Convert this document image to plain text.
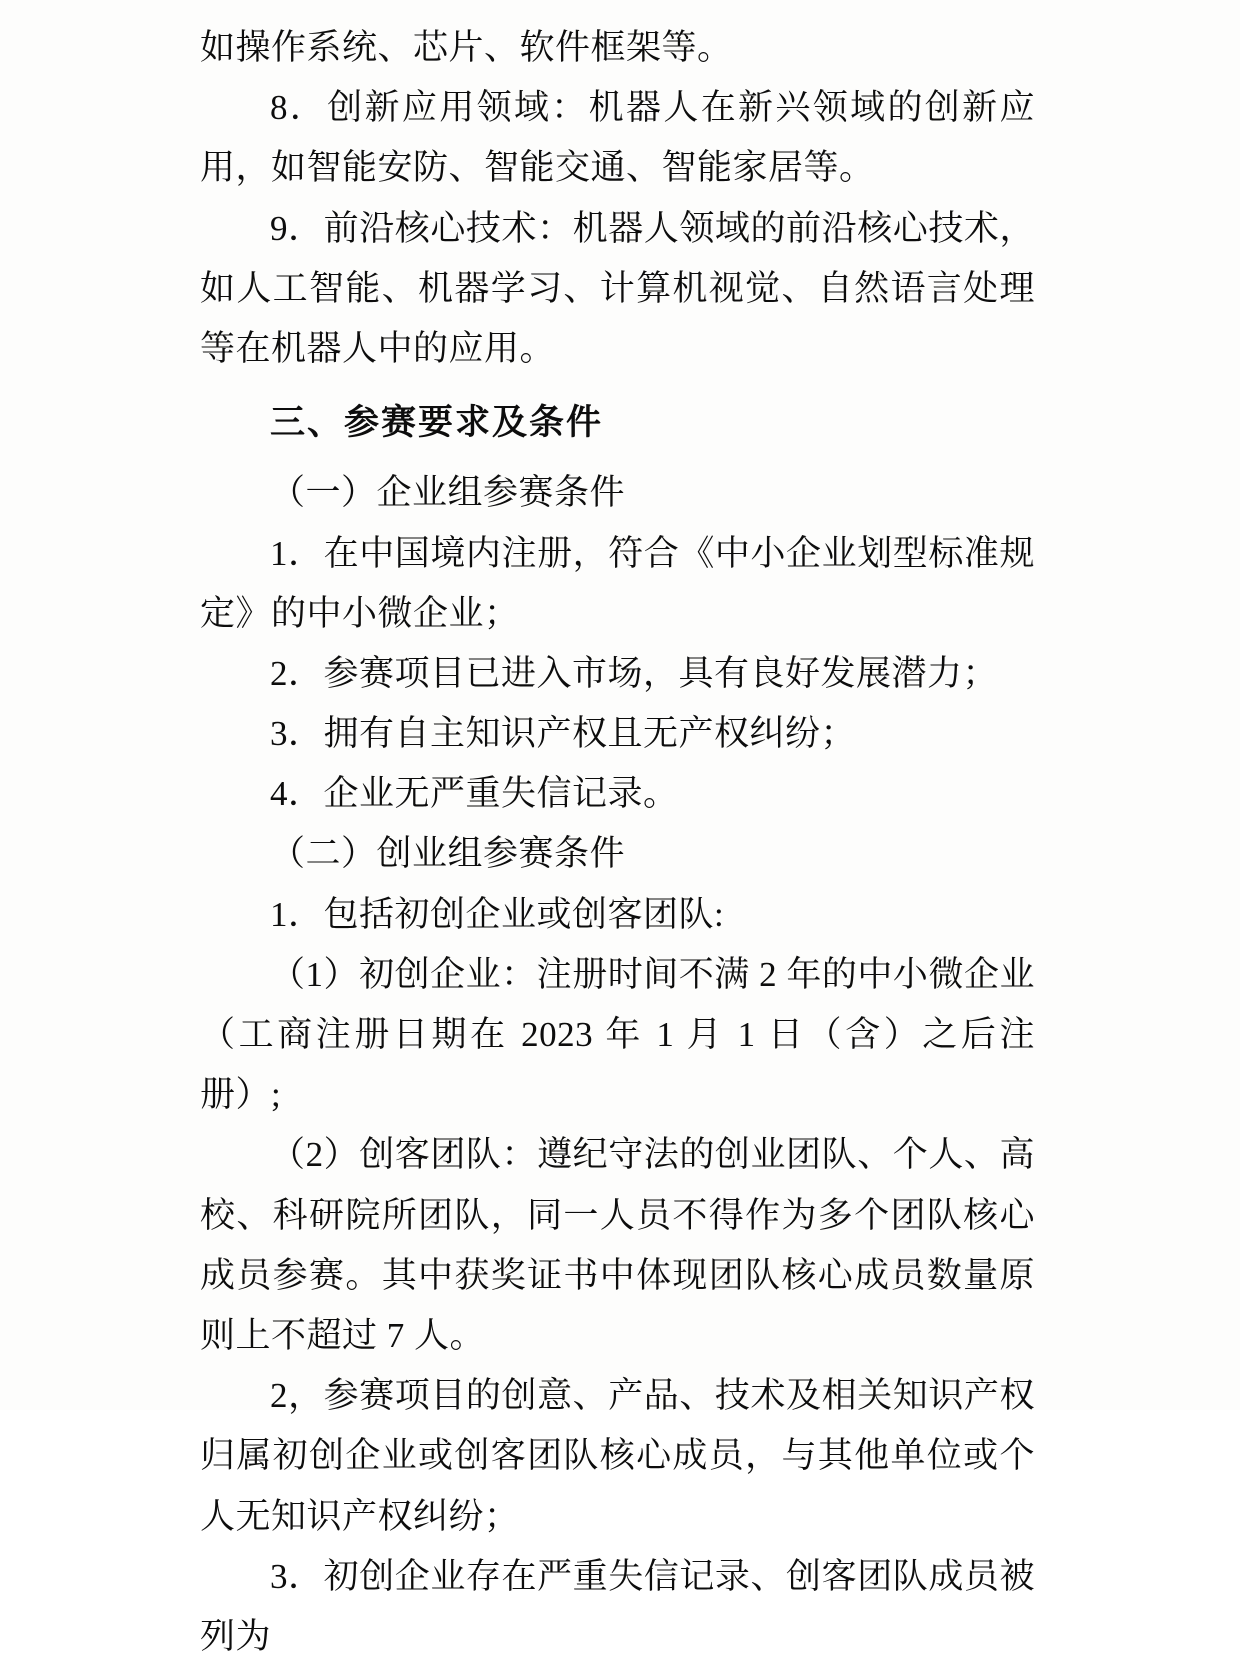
如操作系统、芯片、软件框架等。

8．创新应用领域：机器人在新兴领域的创新应用，如智能安防、智能交通、智能家居等。

9．前沿核心技术：机器人领域的前沿核心技术，如人工智能、机器学习、计算机视觉、自然语言处理等在机器人中的应用。

三、参赛要求及条件

（一）企业组参赛条件

1．在中国境内注册，符合《中小企业划型标准规定》的中小微企业；

2．参赛项目已进入市场，具有良好发展潜力；

3．拥有自主知识产权且无产权纠纷；

4．企业无严重失信记录。

（二）创业组参赛条件

1．包括初创企业或创客团队:

（1）初创企业：注册时间不满 2 年的中小微企业（工商注册日期在 2023 年 1 月 1 日（含）之后注册）;

（2）创客团队：遵纪守法的创业团队、个人、高校、科研院所团队，同一人员不得作为多个团队核心成员参赛。其中获奖证书中体现团队核心成员数量原则上不超过 7 人。

2，参赛项目的创意、产品、技术及相关知识产权归属初创企业或创客团队核心成员，与其他单位或个人无知识产权纠纷；

3．初创企业存在严重失信记录、创客团队成员被列为
